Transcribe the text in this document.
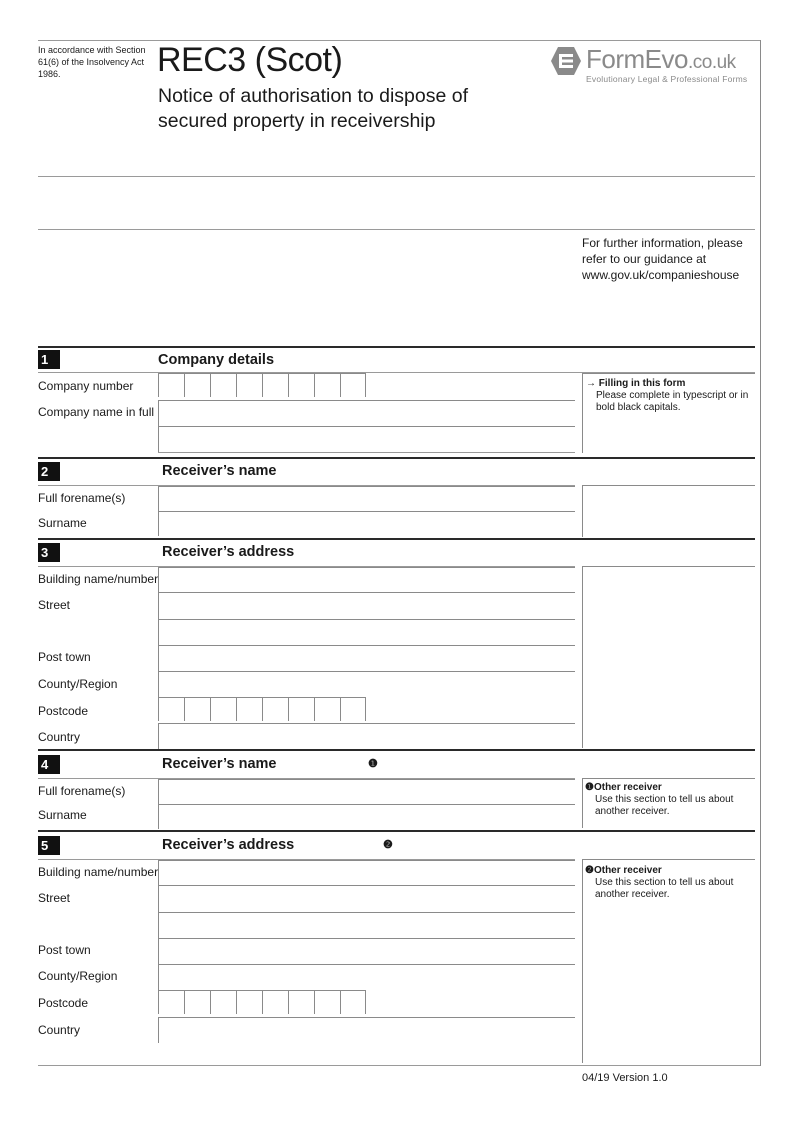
In accordance with Section 61(6) of the Insolvency Act 1986.	REC3 (Scot)
Notice of authorisation to dispose of
secured property in receivership
FormEvo.co.uk
Evolutionary Legal & Professional Forms
For further information, please refer to our guidance at www.gov.uk/companieshouse
1	Company details
Company number
Company name in full
→ Filling in this form
Please complete in typescript or in bold black capitals.
2	Receiver’s name
Full forename(s)
Surname
3	Receiver’s address
Building name/number
Street
Post town
County/Region
Postcode
Country
4	Receiver’s name	❶
❶Other receiver
Use this section to tell us about another receiver.
Full forename(s)
Surname
5	Receiver’s address	❷
❷Other receiver
Use this section to tell us about another receiver.
Building name/number
Street
Post town
County/Region
Postcode
Country
04/19 Version 1.0
